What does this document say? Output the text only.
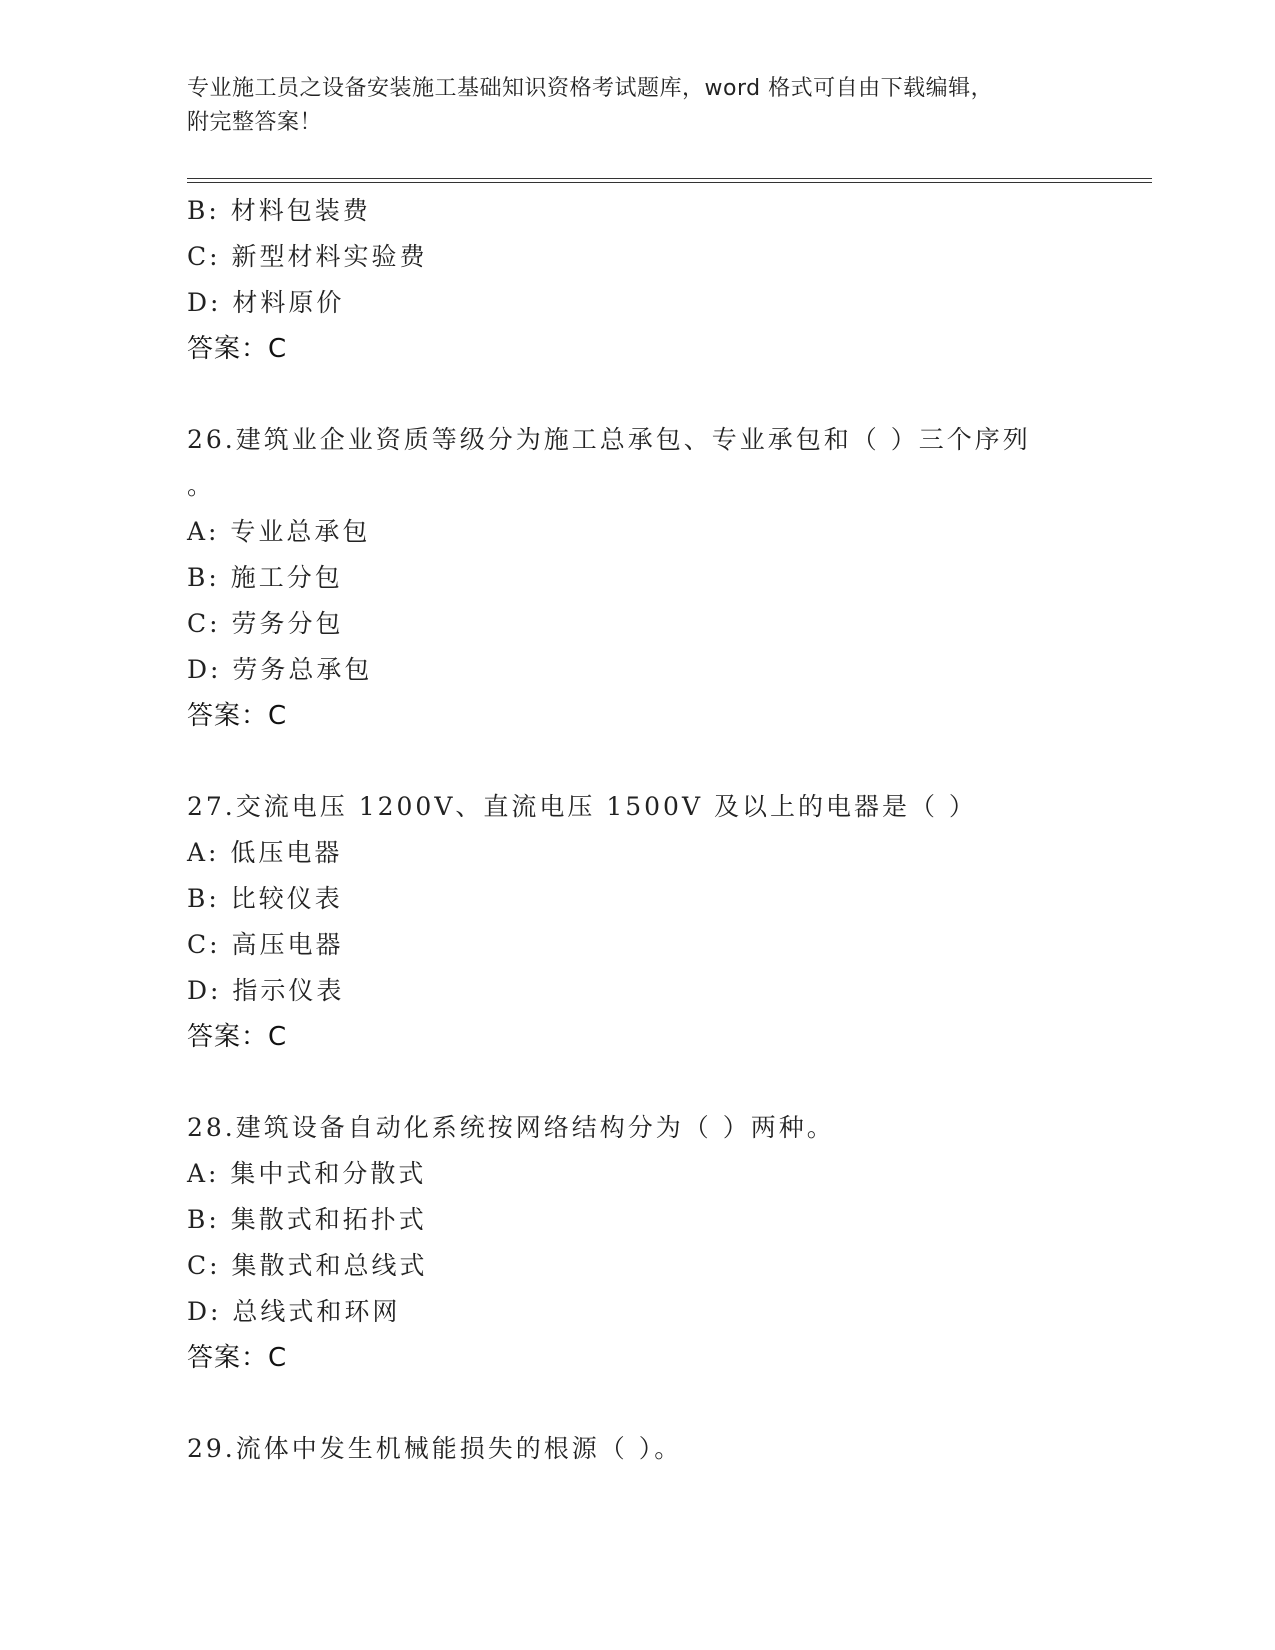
专业施工员之设备安装施工基础知识资格考试题库，word 格式可自由下载编辑，
附完整答案！
B: 材料包装费
C: 新型材料实验费
D: 材料原价
答案：C
26.建筑业企业资质等级分为施工总承包、专业承包和（ ）三个序列
。
A: 专业总承包
B: 施工分包
C: 劳务分包
D: 劳务总承包
答案：C
27.交流电压 1200V、直流电压 1500V 及以上的电器是（ ）
A: 低压电器
B: 比较仪表
C: 高压电器
D: 指示仪表
答案：C
28.建筑设备自动化系统按网络结构分为（ ）两种。
A: 集中式和分散式
B: 集散式和拓扑式
C: 集散式和总线式
D: 总线式和环网
答案：C
29.流体中发生机械能损失的根源（ ）。
